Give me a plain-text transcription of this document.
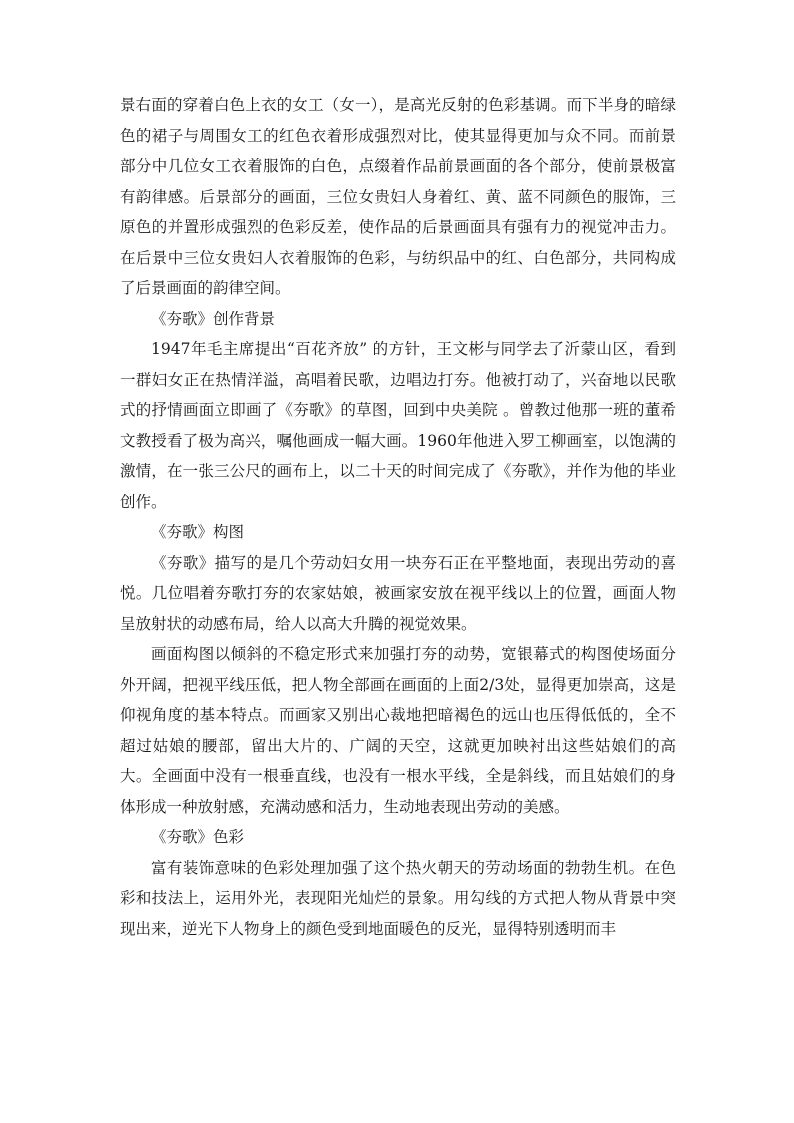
景右面的穿着白色上衣的女工（女一），是高光反射的色彩基调。而下半身的暗绿色的裙子与周围女工的红色衣着形成强烈对比，使其显得更加与众不同。而前景部分中几位女工衣着服饰的白色，点缀着作品前景画面的各个部分，使前景极富有韵律感。后景部分的画面，三位女贵妇人身着红、黄、蓝不同颜色的服饰，三原色的并置形成强烈的色彩反差，使作品的后景画面具有强有力的视觉冲击力。在后景中三位女贵妇人衣着服饰的色彩，与纺织品中的红、白色部分，共同构成了后景画面的韵律空间。

《夯歌》创作背景

1947年毛主席提出“百花齐放” 的方针，王文彬与同学去了沂蒙山区，看到一群妇女正在热情洋溢，高唱着民歌，边唱边打夯。他被打动了，兴奋地以民歌式的抒情画面立即画了《夯歌》的草图，回到中央美院 。曾教过他那一班的董希文教授看了极为高兴，嘱他画成一幅大画。1960年他进入罗工柳画室，以饱满的激情，在一张三公尺的画布上，以二十天的时间完成了《夯歌》，并作为他的毕业创作。

《夯歌》构图

《夯歌》描写的是几个劳动妇女用一块夯石正在平整地面，表现出劳动的喜悦。几位唱着夯歌打夯的农家姑娘，被画家安放在视平线以上的位置，画面人物呈放射状的动感布局，给人以高大升腾的视觉效果。

画面构图以倾斜的不稳定形式来加强打夯的动势，宽银幕式的构图使场面分外开阔，把视平线压低，把人物全部画在画面的上面2/3处，显得更加崇高，这是仰视角度的基本特点。而画家又别出心裁地把暗褐色的远山也压得低低的，全不超过姑娘的腰部，留出大片的、广阔的天空，这就更加映衬出这些姑娘们的高大。全画面中没有一根垂直线，也没有一根水平线，全是斜线，而且姑娘们的身体形成一种放射感，充满动感和活力，生动地表现出劳动的美感。

《夯歌》色彩

富有装饰意味的色彩处理加强了这个热火朝天的劳动场面的勃勃生机。在色彩和技法上，运用外光，表现阳光灿烂的景象。用勾线的方式把人物从背景中突现出来，逆光下人物身上的颜色受到地面暖色的反光，显得特别透明而丰
